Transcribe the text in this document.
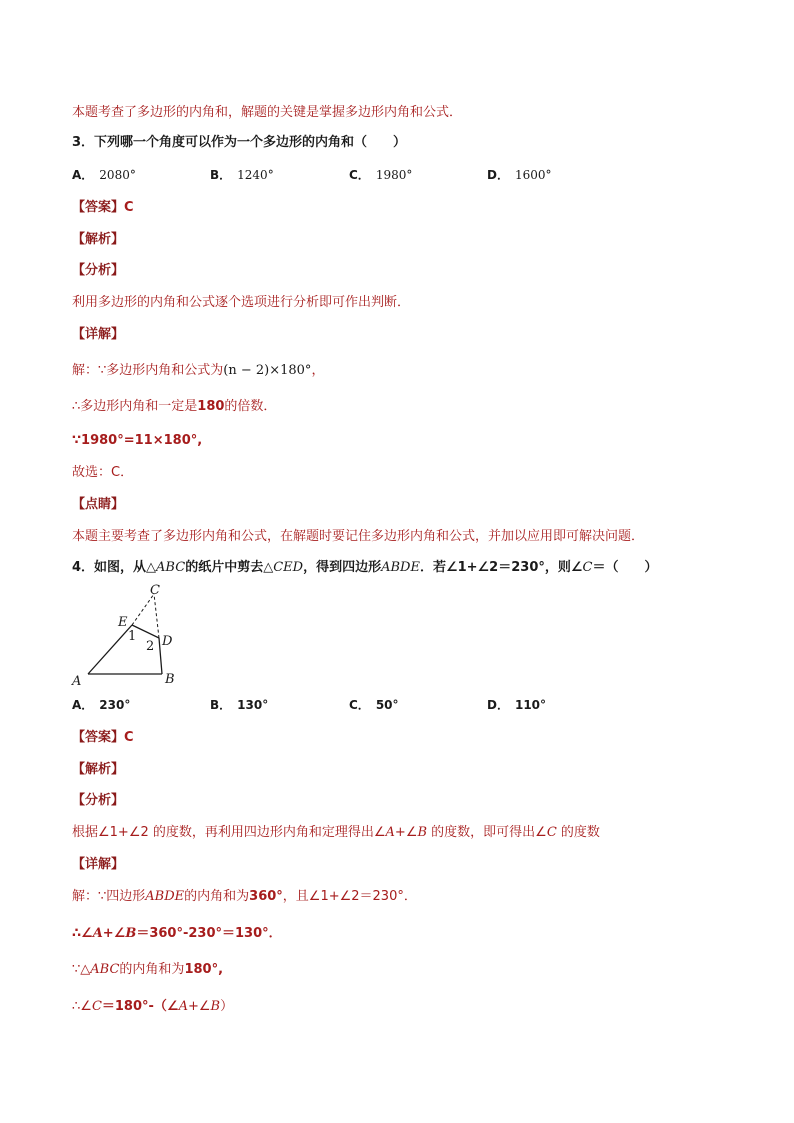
本题考查了多边形的内角和，解题的关键是掌握多边形内角和公式．
3．下列哪一个角度可以作为一个多边形的内角和（　　）
A． 2080°	B． 1240°	C． 1980°	D． 1600°
【答案】C
【解析】
【分析】
利用多边形的内角和公式逐个选项进行分析即可作出判断．
【详解】
解：∵多边形内角和公式为(n − 2)×180°，
∴多边形内角和一定是180的倍数．
∵1980°=11×180°,
故选：C．
【点睛】
本题主要考查了多边形内角和公式，在解题时要记住多边形内角和公式，并加以应用即可解决问题．
4．如图，从△ABC的纸片中剪去△CED，得到四边形ABDE．若∠1+∠2＝230°，则∠C＝（　　）
C
E
D
A	B
1
2
A． 230°	B． 130°	C． 50°	D． 110°
【答案】C
【解析】
【分析】
根据∠1+∠2 的度数，再利用四边形内角和定理得出∠A+∠B 的度数，即可得出∠C 的度数
【详解】
解：∵四边形ABDE的内角和为360°，且∠1+∠2＝230°．
∴∠A+∠B＝360°-230°＝130°．
∵△ABC的内角和为180°,
∴∠C＝180°-（∠A+∠B）
